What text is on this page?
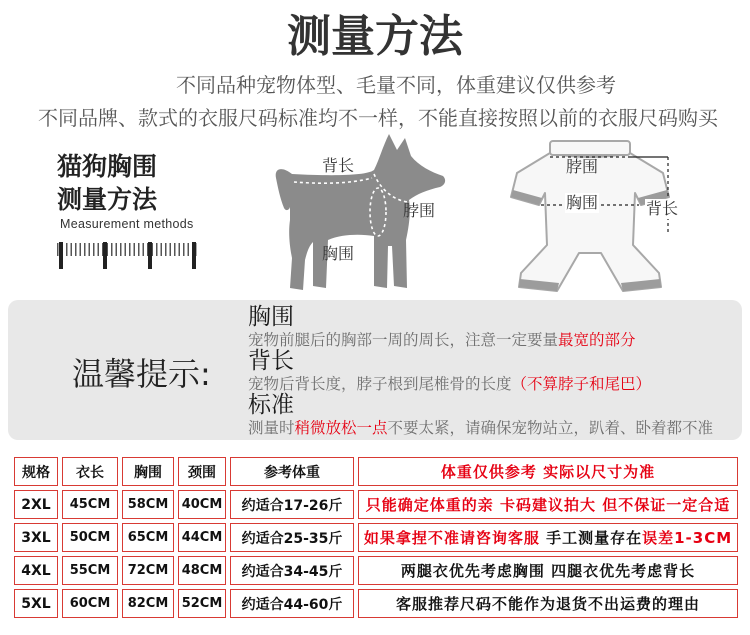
测量方法
不同品种宠物体型、毛量不同，体重建议仅供参考
不同品牌、款式的衣服尺码标准均不一样，不能直接按照以前的衣服尺码购买
猫狗胸围
测量方法
Measurement methods
背长
脖围
胸围
脖围
胸围	背长
温馨提示:
胸围
宠物前腿后的胸部一周的周长，注意一定要量最宽的部分
背长
宠物后背长度，脖子根到尾椎骨的长度（不算脖子和尾巴）
标准
测量时稍微放松一点不要太紧，请确保宠物站立，趴着、卧着都不准
规格	衣长	胸围	颈围	参考体重	体重仅供参考 实际以尺寸为准
2XL	45CM	58CM	40CM	约适合17-26斤	只能确定体重的亲 卡码建议拍大 但不保证一定合适
3XL	50CM	65CM	44CM	约适合25-35斤	如果拿捏不准请咨询客服 手工测量存在误差1-3CM
4XL	55CM	72CM	48CM	约适合34-45斤	两腿衣优先考虑胸围 四腿衣优先考虑背长
5XL	60CM	82CM	52CM	约适合44-60斤	客服推荐尺码不能作为退货不出运费的理由
